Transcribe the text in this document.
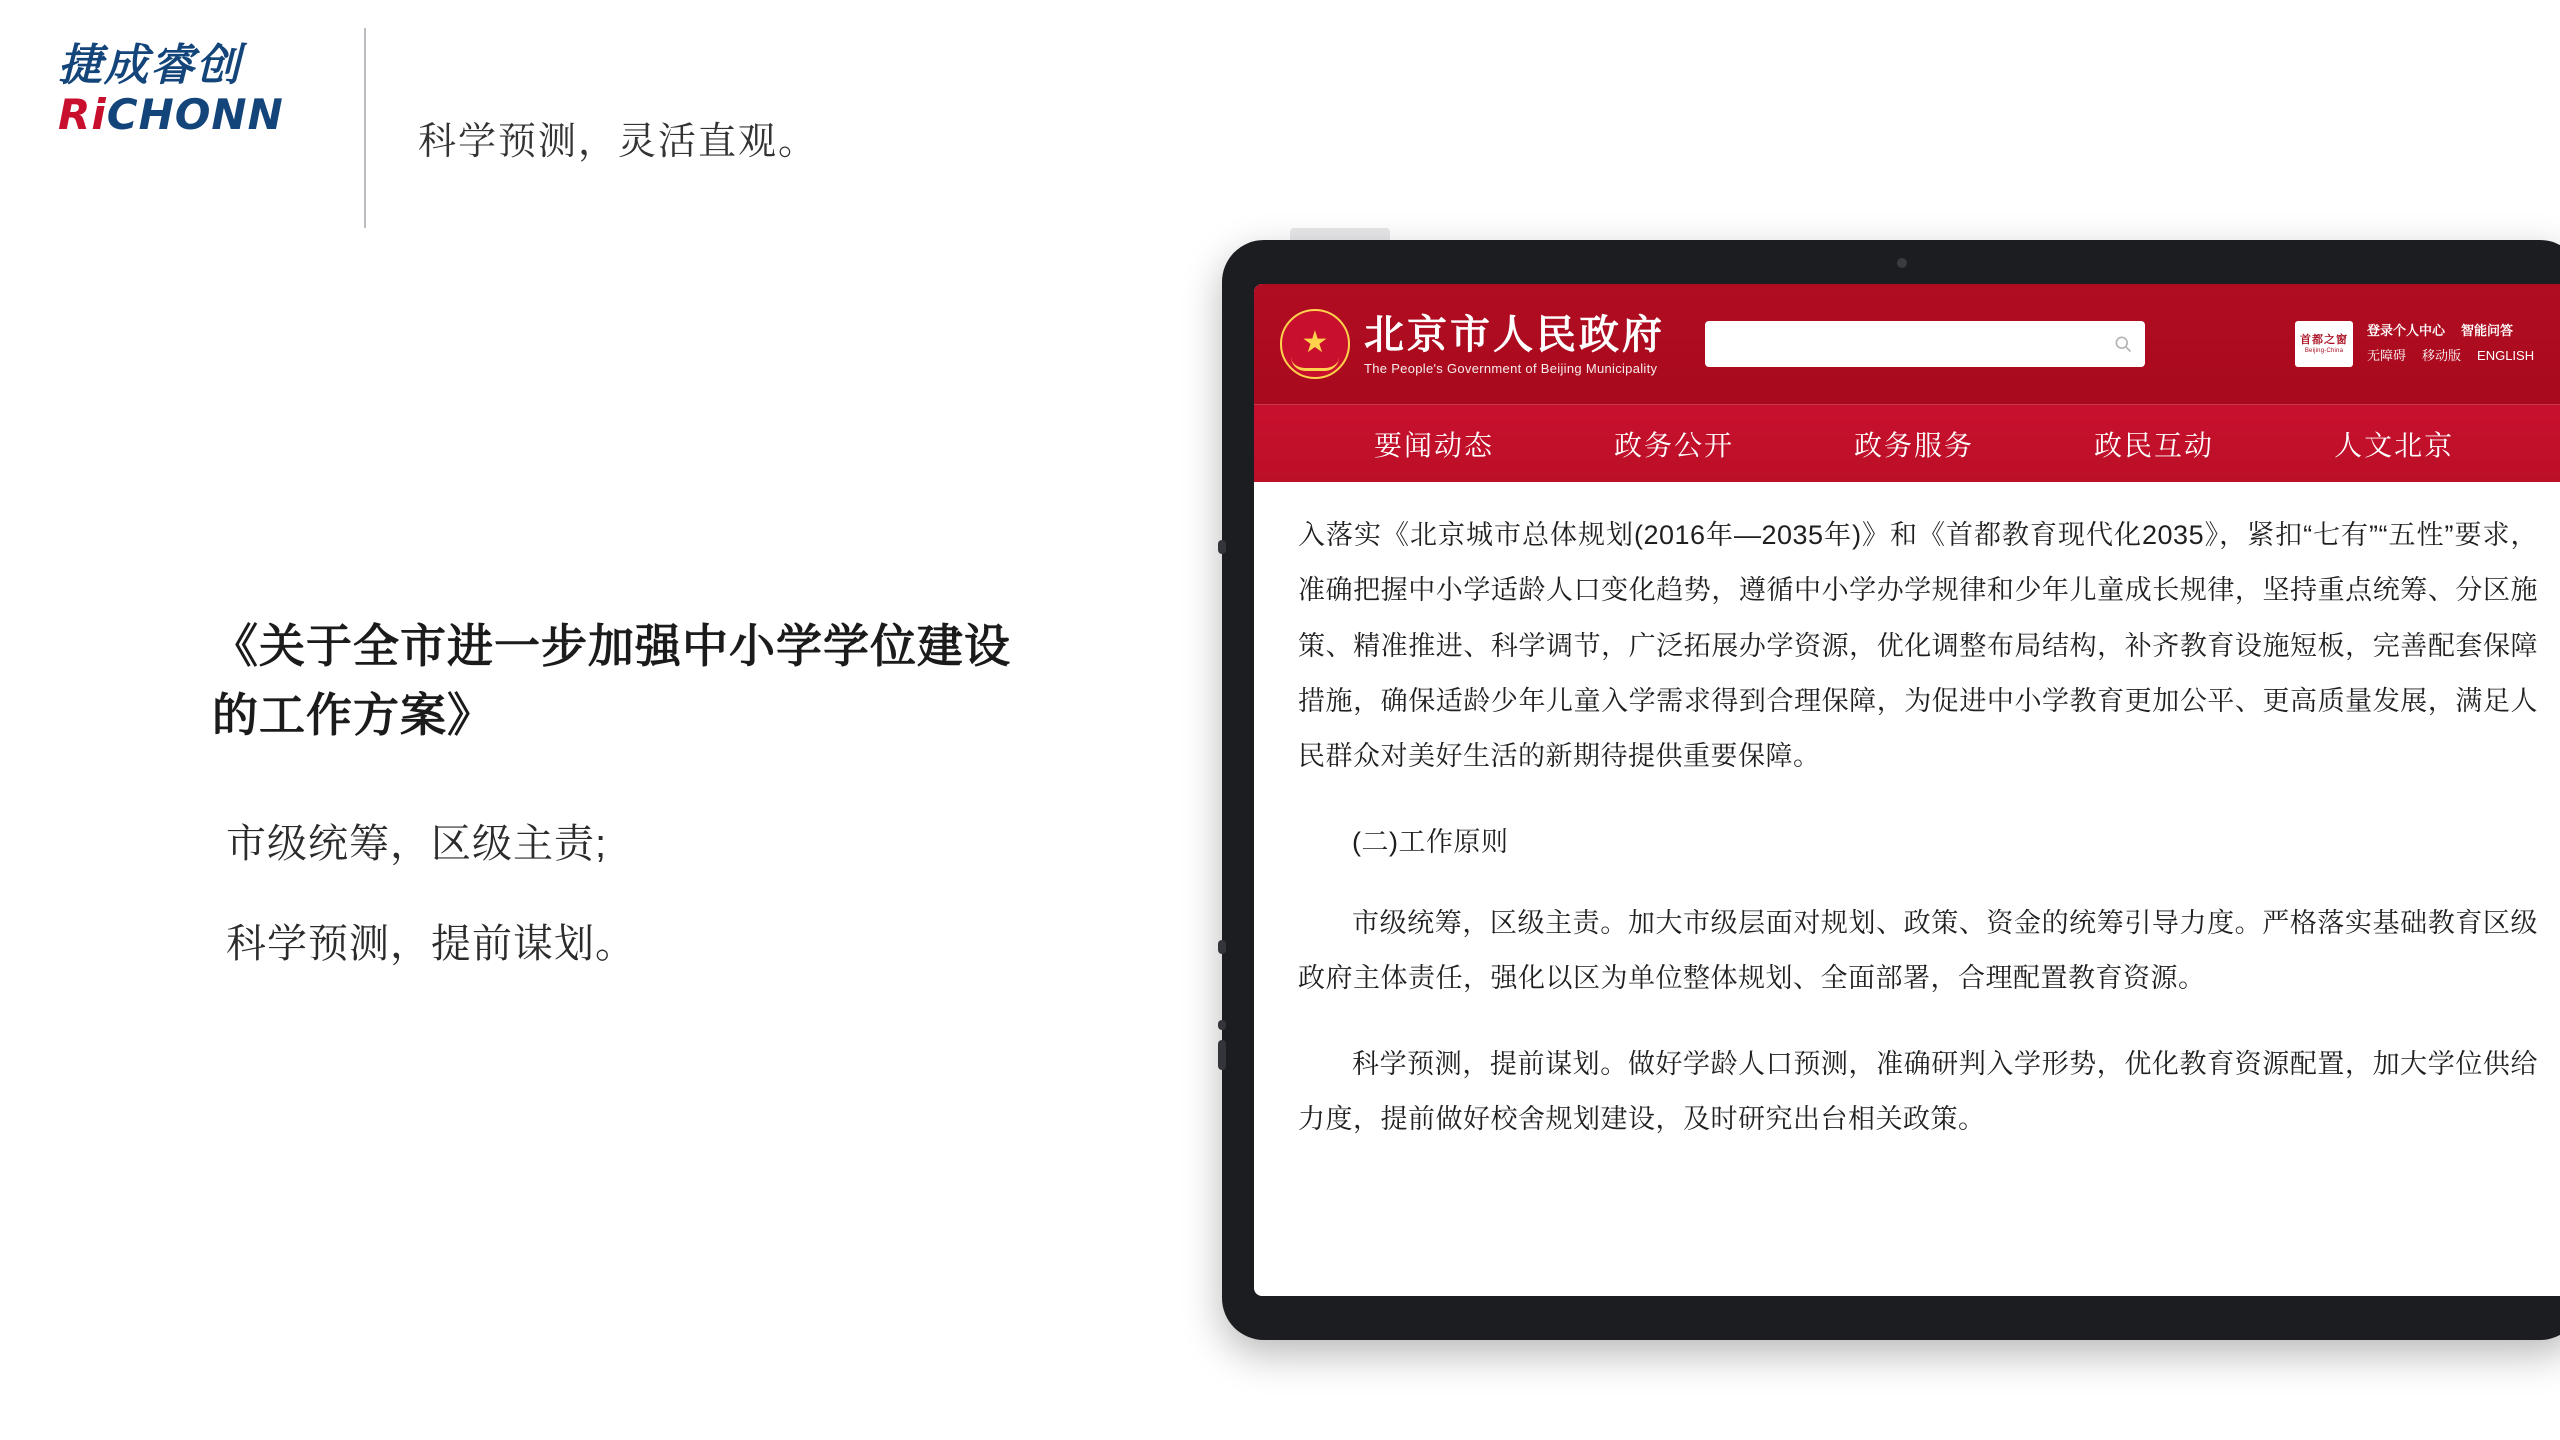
捷成睿创
RiCHONN
科学预测，灵活直观。
《关于全市进一步加强中小学学位建设的工作方案》
市级统筹，区级主责;
科学预测，提前谋划。
★ 北京市人民政府
The People's Government of Beijing Municipality
首都之窗
Beijing-China
登录个人中心 智能问答
无障碍 移动版 ENGLISH
要闻动态	政务公开	政务服务	政民互动	人文北京

入落实《北京城市总体规划(2016年—2035年)》和《首都教育现代化2035》，紧扣“七有”“五性”要求，准确把握中小学适龄人口变化趋势，遵循中小学办学规律和少年儿童成长规律，坚持重点统筹、分区施策、精准推进、科学调节，广泛拓展办学资源，优化调整布局结构，补齐教育设施短板，完善配套保障措施，确保适龄少年儿童入学需求得到合理保障，为促进中小学教育更加公平、更高质量发展，满足人民群众对美好生活的新期待提供重要保障。

(二)工作原则

市级统筹，区级主责。加大市级层面对规划、政策、资金的统筹引导力度。严格落实基础教育区级政府主体责任，强化以区为单位整体规划、全面部署，合理配置教育资源。

科学预测，提前谋划。做好学龄人口预测，准确研判入学形势，优化教育资源配置，加大学位供给力度，提前做好校舍规划建设，及时研究出台相关政策。
